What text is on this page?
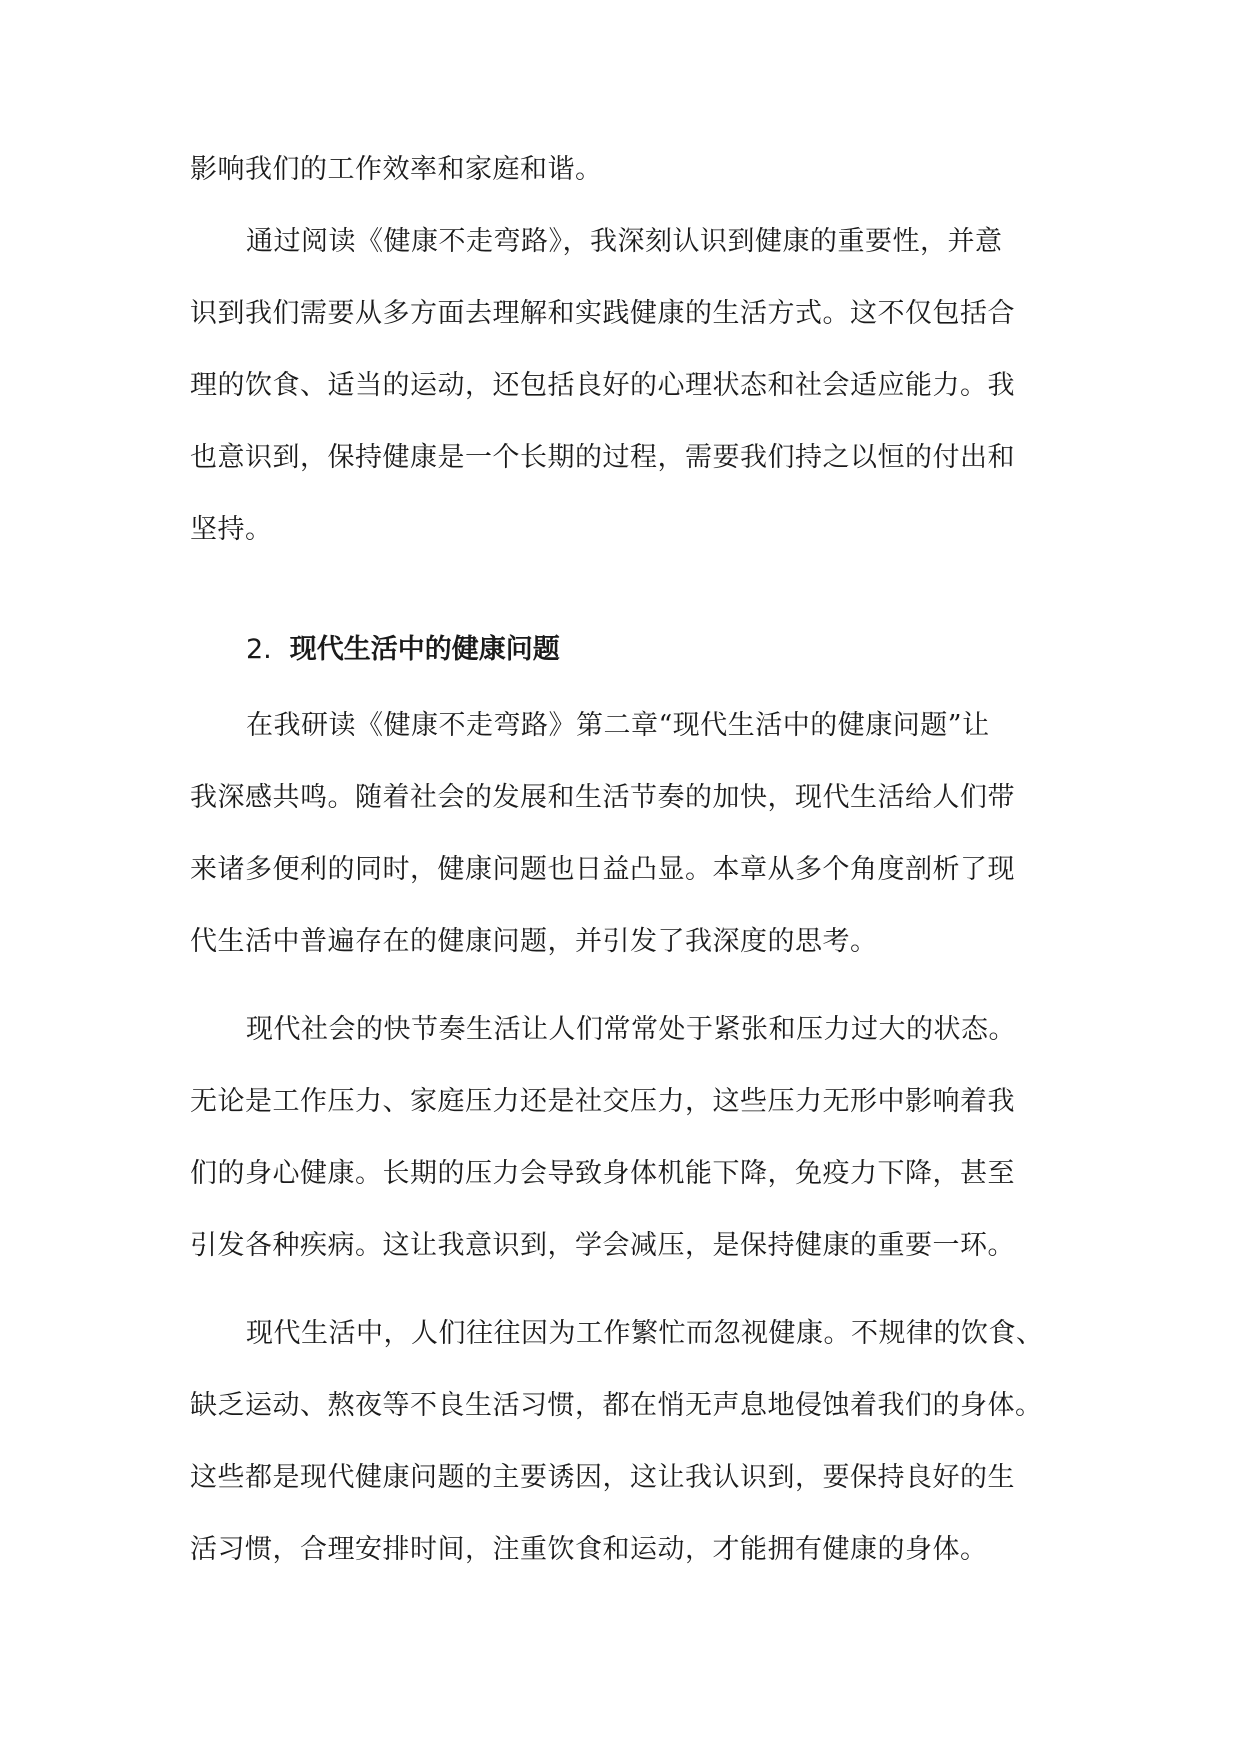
影响我们的工作效率和家庭和谐。
通过阅读《健康不走弯路》，我深刻认识到健康的重要性，并意
识到我们需要从多方面去理解和实践健康的生活方式。这不仅包括合
理的饮食、适当的运动，还包括良好的心理状态和社会适应能力。我
也意识到，保持健康是一个长期的过程，需要我们持之以恒的付出和
坚持。
2. 现代生活中的健康问题
在我研读《健康不走弯路》第二章“现代生活中的健康问题”让
我深感共鸣。随着社会的发展和生活节奏的加快，现代生活给人们带
来诸多便利的同时，健康问题也日益凸显。本章从多个角度剖析了现
代生活中普遍存在的健康问题，并引发了我深度的思考。
现代社会的快节奏生活让人们常常处于紧张和压力过大的状态。
无论是工作压力、家庭压力还是社交压力，这些压力无形中影响着我
们的身心健康。长期的压力会导致身体机能下降，免疫力下降，甚至
引发各种疾病。这让我意识到，学会减压，是保持健康的重要一环。
现代生活中，人们往往因为工作繁忙而忽视健康。不规律的饮食、
缺乏运动、熬夜等不良生活习惯，都在悄无声息地侵蚀着我们的身体。
这些都是现代健康问题的主要诱因，这让我认识到，要保持良好的生
活习惯，合理安排时间，注重饮食和运动，才能拥有健康的身体。
